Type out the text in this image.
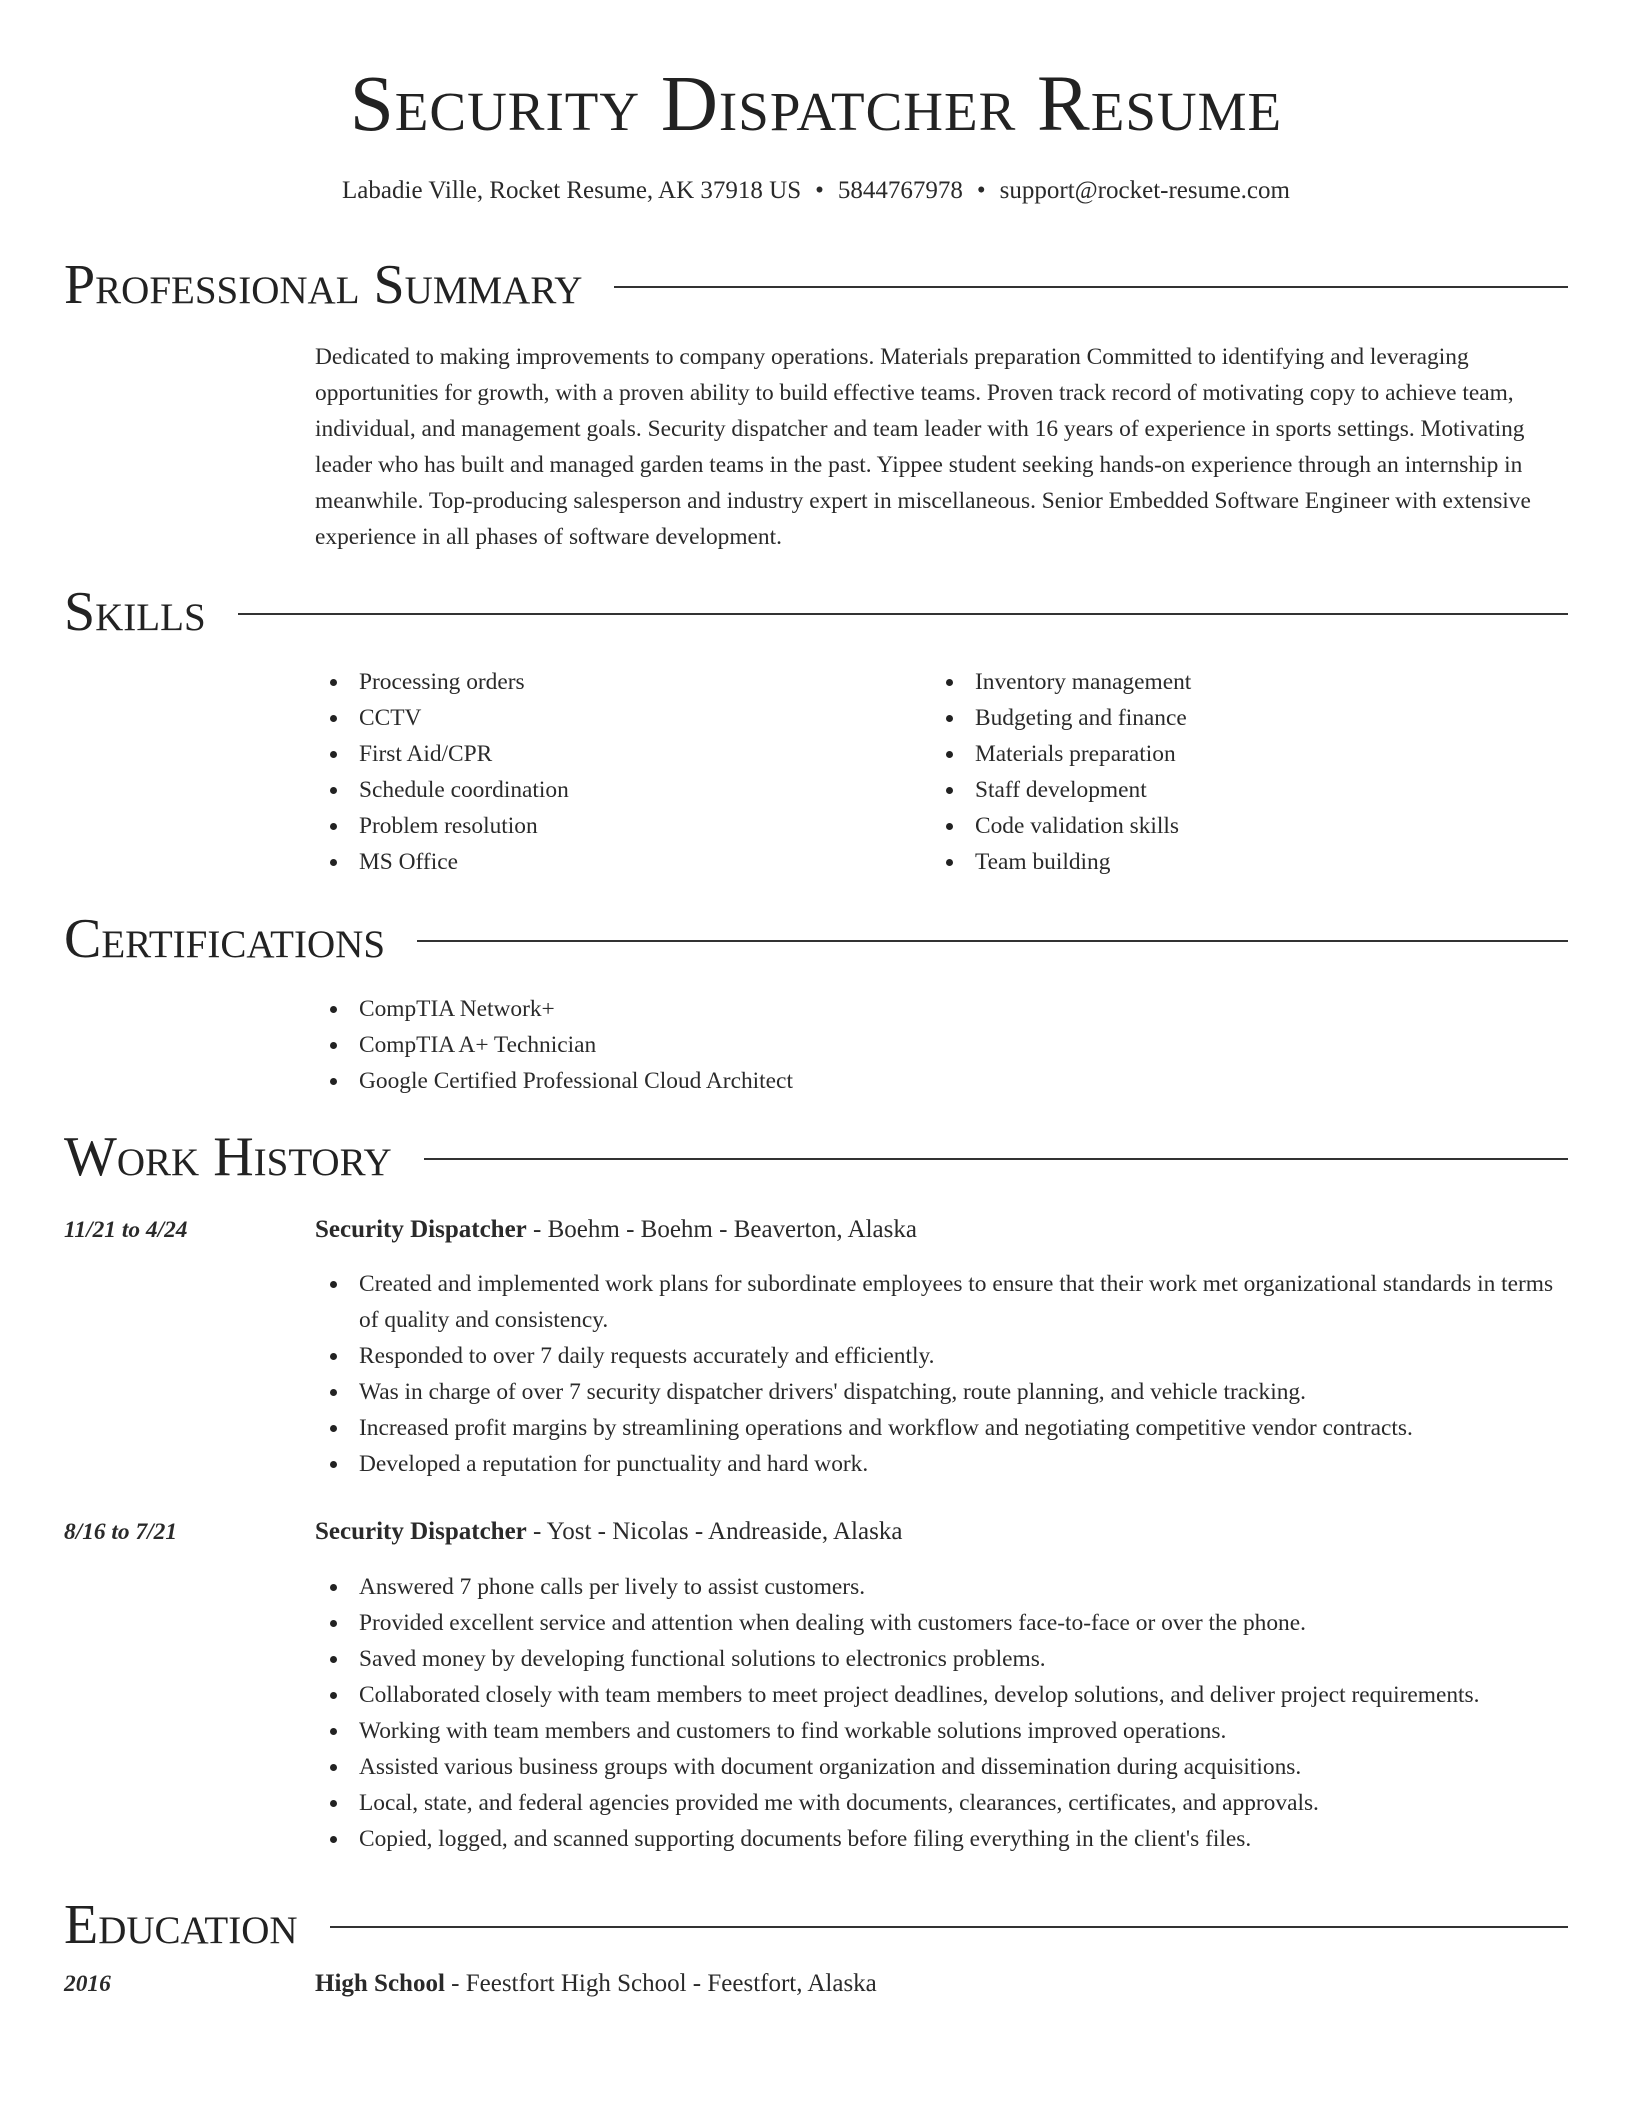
Security Dispatcher Resume
Labadie Ville, Rocket Resume, AK 37918 US • 5844767978 • support@rocket-resume.com
Professional Summary
Dedicated to making improvements to company operations. Materials preparation Committed to identifying and leveraging opportunities for growth, with a proven ability to build effective teams. Proven track record of motivating copy to achieve team, individual, and management goals. Security dispatcher and team leader with 16 years of experience in sports settings. Motivating leader who has built and managed garden teams in the past. Yippee student seeking hands-on experience through an internship in meanwhile. Top-producing salesperson and industry expert in miscellaneous. Senior Embedded Software Engineer with extensive experience in all phases of software development.
Skills
Processing orders
CCTV
First Aid/CPR
Schedule coordination
Problem resolution
MS Office
Inventory management
Budgeting and finance
Materials preparation
Staff development
Code validation skills
Team building
Certifications
CompTIA Network+
CompTIA A+ Technician
Google Certified Professional Cloud Architect
Work History
11/21 to 4/24	Security Dispatcher - Boehm - Boehm - Beaverton, Alaska
Created and implemented work plans for subordinate employees to ensure that their work met organizational standards in terms of quality and consistency.
Responded to over 7 daily requests accurately and efficiently.
Was in charge of over 7 security dispatcher drivers' dispatching, route planning, and vehicle tracking.
Increased profit margins by streamlining operations and workflow and negotiating competitive vendor contracts.
Developed a reputation for punctuality and hard work.
8/16 to 7/21	Security Dispatcher - Yost - Nicolas - Andreaside, Alaska
Answered 7 phone calls per lively to assist customers.
Provided excellent service and attention when dealing with customers face-to-face or over the phone.
Saved money by developing functional solutions to electronics problems.
Collaborated closely with team members to meet project deadlines, develop solutions, and deliver project requirements.
Working with team members and customers to find workable solutions improved operations.
Assisted various business groups with document organization and dissemination during acquisitions.
Local, state, and federal agencies provided me with documents, clearances, certificates, and approvals.
Copied, logged, and scanned supporting documents before filing everything in the client's files.
Education
2016	High School - Feestfort High School - Feestfort, Alaska
